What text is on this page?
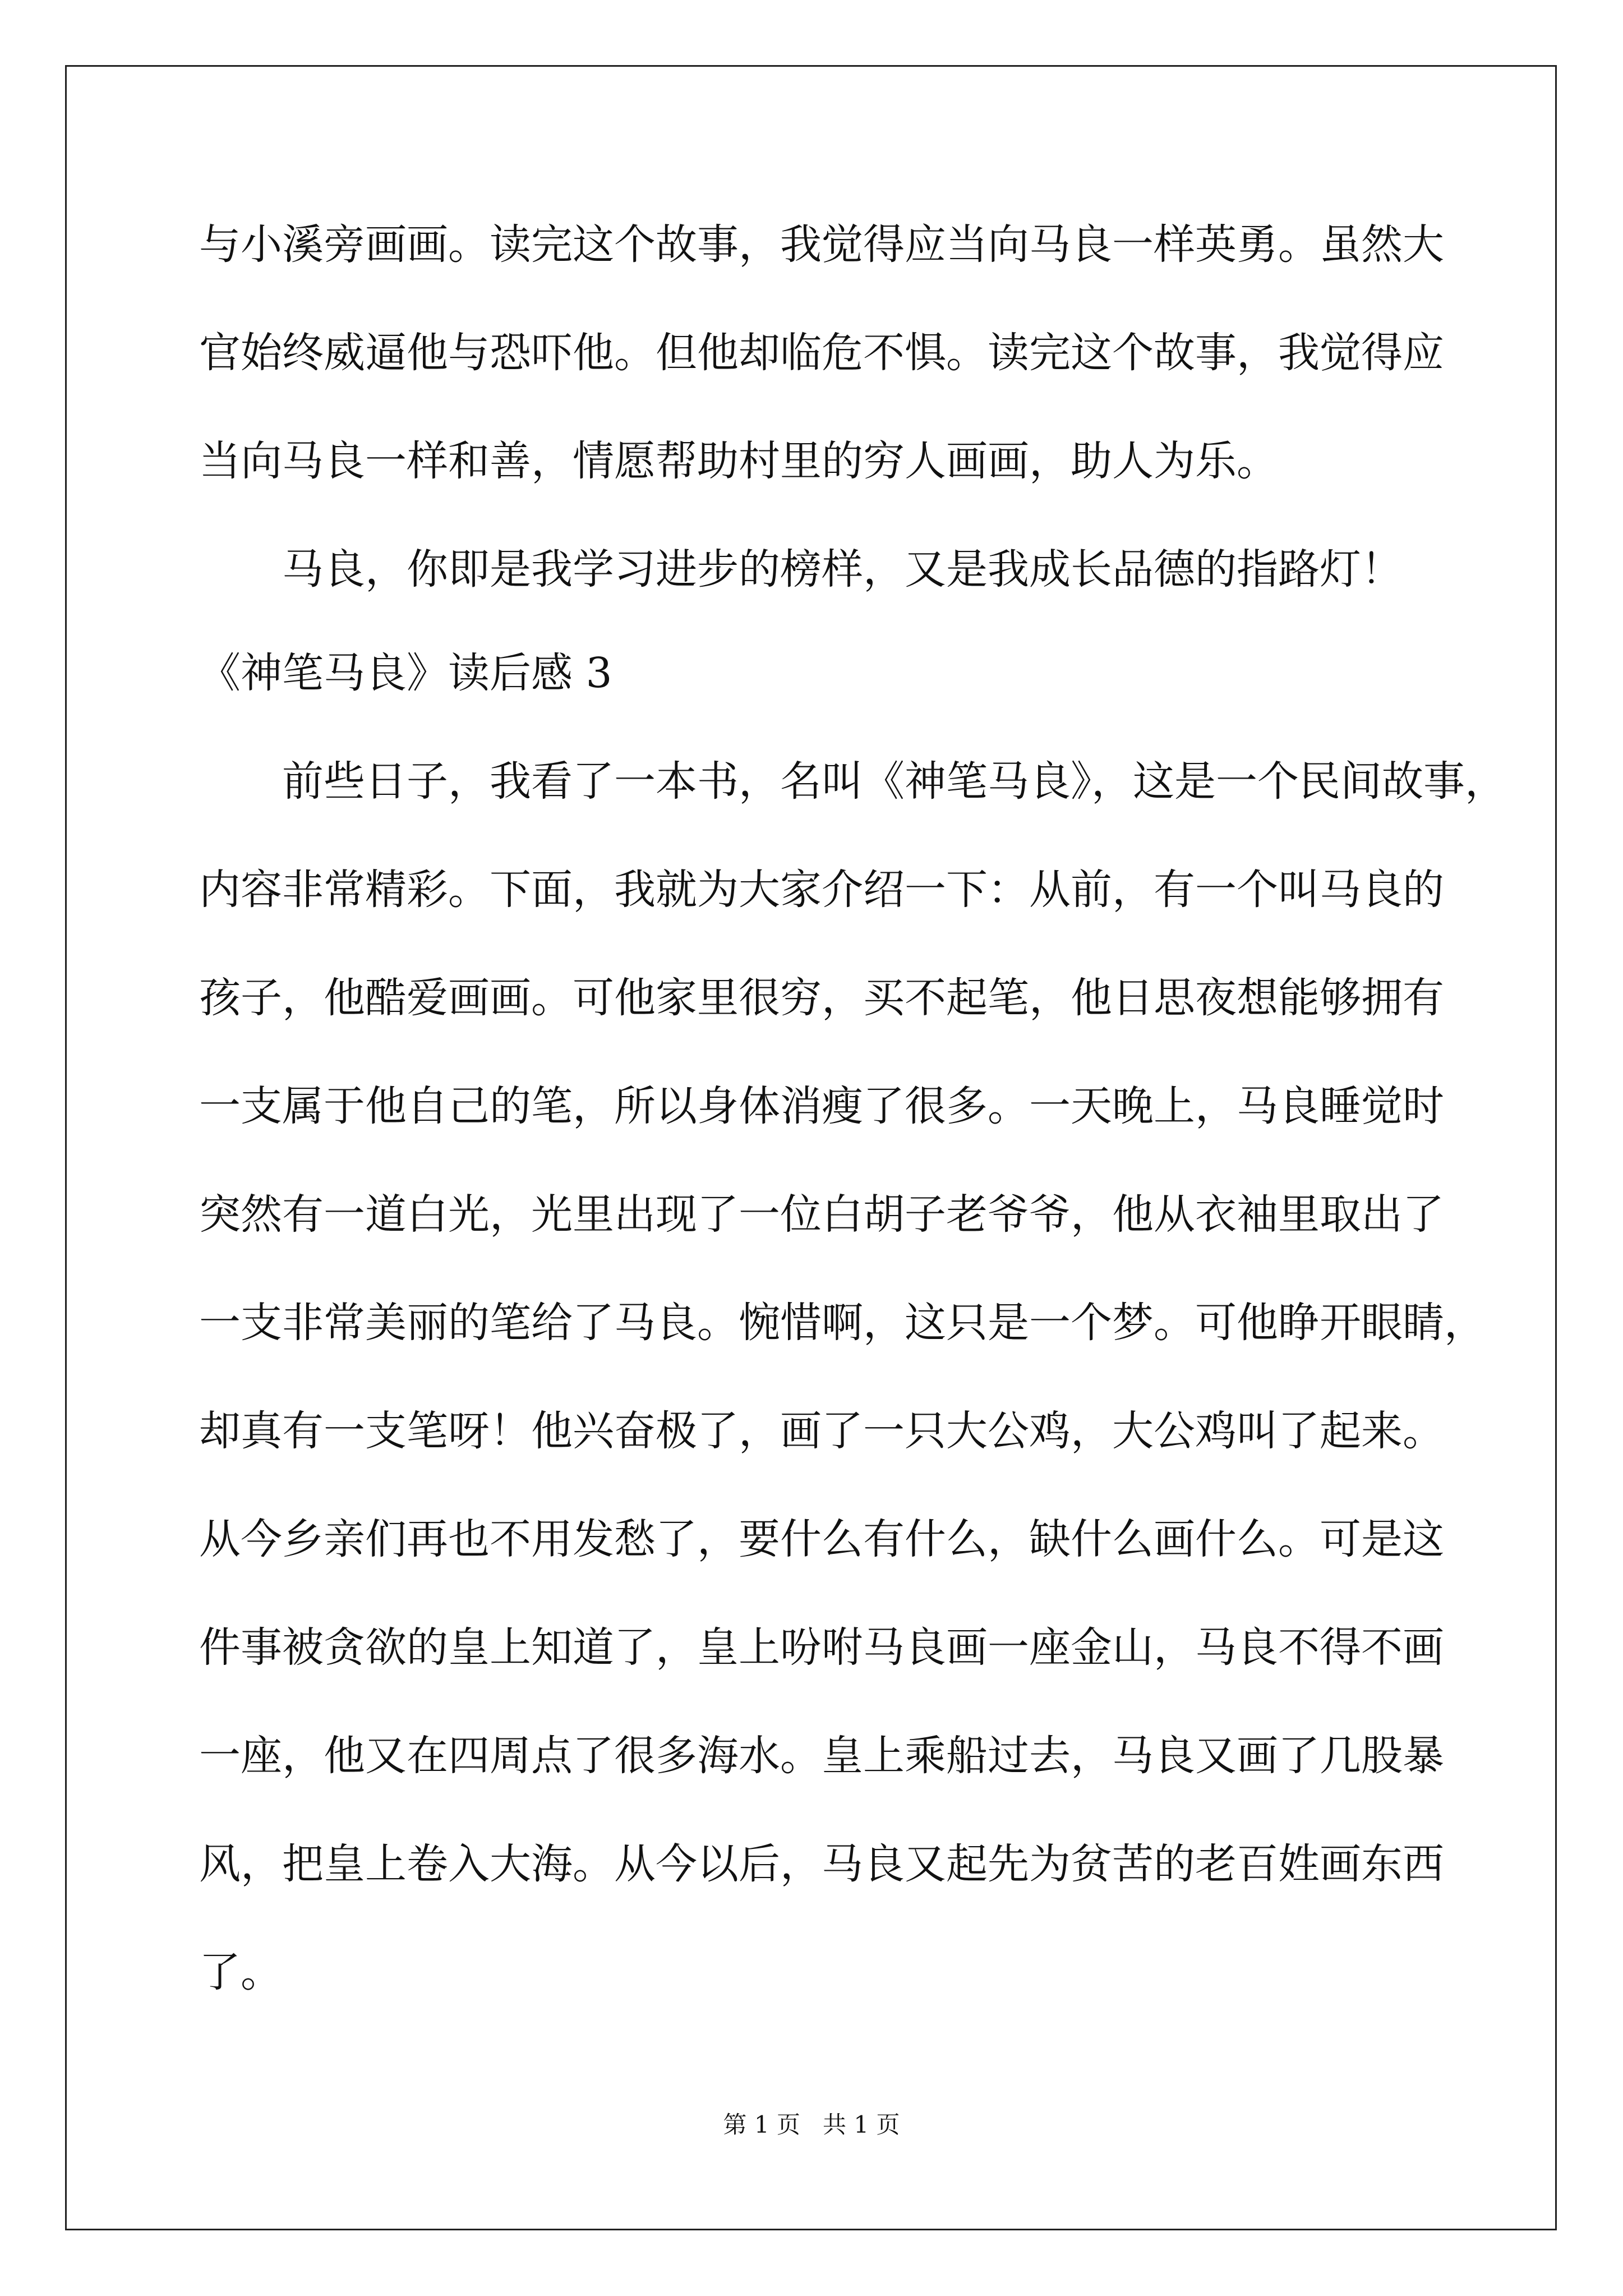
与小溪旁画画。读完这个故事，我觉得应当向马良一样英勇。虽然大

官始终威逼他与恐吓他。但他却临危不惧。读完这个故事，我觉得应

当向马良一样和善，情愿帮助村里的穷人画画，助人为乐。

马良，你即是我学习进步的榜样，又是我成长品德的指路灯！

《神笔马良》读后感 3

前些日子，我看了一本书，名叫《神笔马良》，这是一个民间故事，

内容非常精彩。下面，我就为大家介绍一下：从前，有一个叫马良的

孩子，他酷爱画画。可他家里很穷，买不起笔，他日思夜想能够拥有

一支属于他自己的笔，所以身体消瘦了很多。一天晚上，马良睡觉时

突然有一道白光，光里出现了一位白胡子老爷爷，他从衣袖里取出了

一支非常美丽的笔给了马良。惋惜啊，这只是一个梦。可他睁开眼睛，

却真有一支笔呀！他兴奋极了，画了一只大公鸡，大公鸡叫了起来。

从今乡亲们再也不用发愁了，要什么有什么，缺什么画什么。可是这

件事被贪欲的皇上知道了，皇上吩咐马良画一座金山，马良不得不画

一座，他又在四周点了很多海水。皇上乘船过去，马良又画了几股暴

风，把皇上卷入大海。从今以后，马良又起先为贫苦的老百姓画东西

了。

第 1 页   共 1 页
